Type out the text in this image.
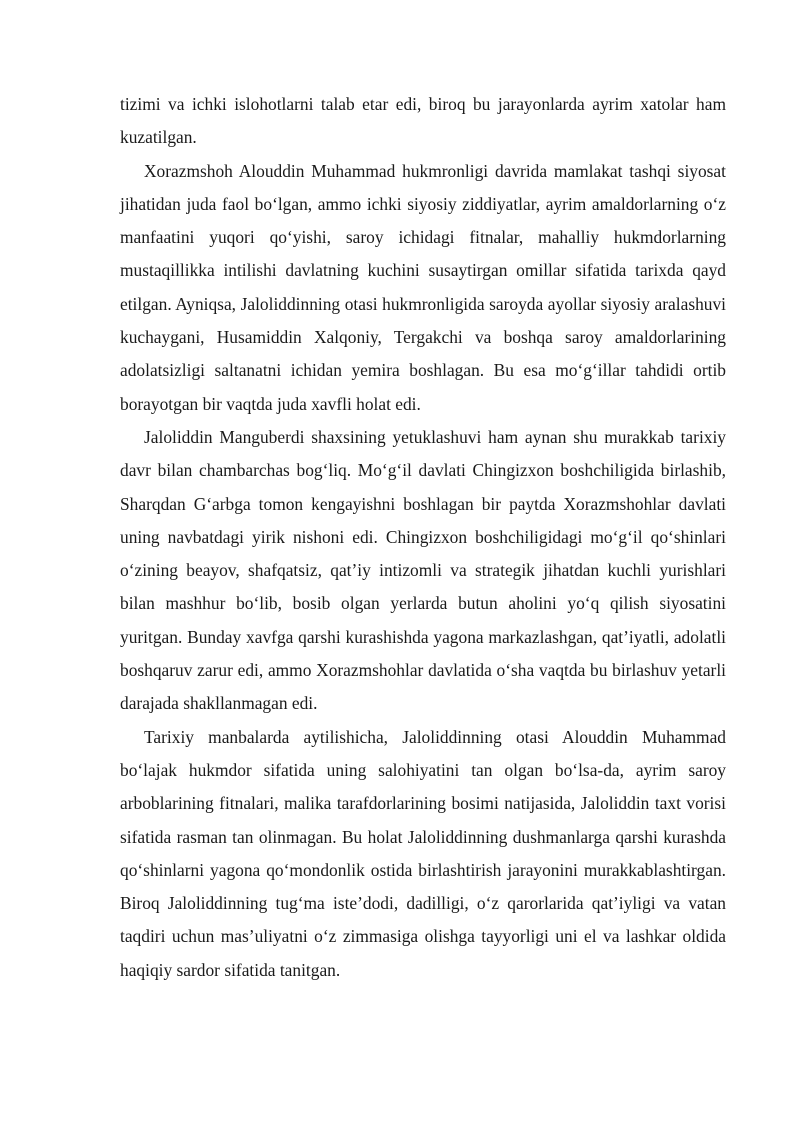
tizimi va ichki islohotlarni talab etar edi, biroq bu jarayonlarda ayrim xatolar ham kuzatilgan.

Xorazmshoh Alouddin Muhammad hukmronligi davrida mamlakat tashqi siyosat jihatidan juda faol bo‘lgan, ammo ichki siyosiy ziddiyatlar, ayrim amaldorlarning o‘z manfaatini yuqori qo‘yishi, saroy ichidagi fitnalar, mahalliy hukmdorlarning mustaqillikka intilishi davlatning kuchini susaytirgan omillar sifatida tarixda qayd etilgan. Ayniqsa, Jaloliddinning otasi hukmronligida saroyda ayollar siyosiy aralashuvi kuchaygani, Husamiddin Xalqoniy, Tergakchi va boshqa saroy amaldorlarining adolatsizligi saltanatni ichidan yemira boshlagan. Bu esa mo‘g‘illar tahdidi ortib borayotgan bir vaqtda juda xavfli holat edi.

Jaloliddin Manguberdi shaxsining yetuklashuvi ham aynan shu murakkab tarixiy davr bilan chambarchas bog‘liq. Mo‘g‘il davlati Chingizxon boshchiligida birlashib, Sharqdan G‘arbga tomon kengayishni boshlagan bir paytda Xorazmshohlar davlati uning navbatdagi yirik nishoni edi. Chingizxon boshchiligidagi mo‘g‘il qo‘shinlari o‘zining beayov, shafqatsiz, qat’iy intizomli va strategik jihatdan kuchli yurishlari bilan mashhur bo‘lib, bosib olgan yerlarda butun aholini yo‘q qilish siyosatini yuritgan. Bunday xavfga qarshi kurashishda yagona markazlashgan, qat’iyatli, adolatli boshqaruv zarur edi, ammo Xorazmshohlar davlatida o‘sha vaqtda bu birlashuv yetarli darajada shakllanmagan edi.

Tarixiy manbalarda aytilishicha, Jaloliddinning otasi Alouddin Muhammad bo‘lajak hukmdor sifatida uning salohiyatini tan olgan bo‘lsa-da, ayrim saroy arboblarining fitnalari, malika tarafdorlarining bosimi natijasida, Jaloliddin taxt vorisi sifatida rasman tan olinmagan. Bu holat Jaloliddinning dushmanlarga qarshi kurashda qo‘shinlarni yagona qo‘mondonlik ostida birlashtirish jarayonini murakkablashtirgan. Biroq Jaloliddinning tug‘ma iste’dodi, dadilligi, o‘z qarorlarida qat’iyligi va vatan taqdiri uchun mas’uliyatni o‘z zimmasiga olishga tayyorligi uni el va lashkar oldida haqiqiy sardor sifatida tanitgan.
